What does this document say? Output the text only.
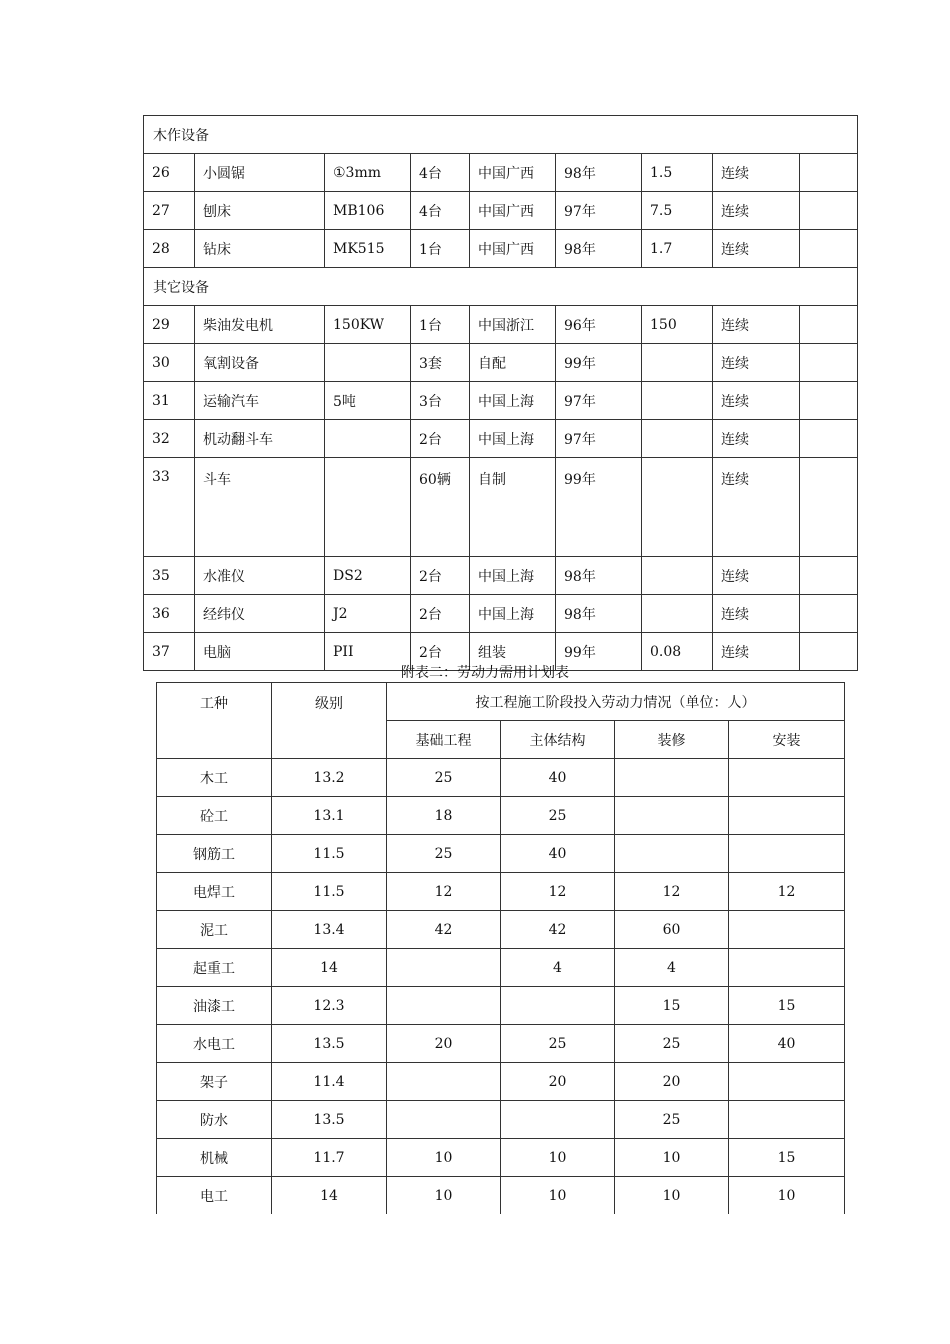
木作设备								
26	小圆锯	①3mm	4台	中国广西	98年	1.5	连续	
27	刨床	MB106	4台	中国广西	97年	7.5	连续	
28	钻床	MK515	1台	中国广西	98年	1.7	连续	
其它设备								
29	柴油发电机	150KW	1台	中国浙江	96年	150	连续	
30	氧割设备		3套	自配	99年		连续	
31	运输汽车	5吨	3台	中国上海	97年		连续	
32	机动翻斗车		2台	中国上海	97年		连续	
33	斗车		60辆	自制	99年		连续	
35	水准仪	DS2	2台	中国上海	98年		连续	
36	经纬仪	J2	2台	中国上海	98年		连续	
37	电脑	PII	2台	组装	99年	0.08	连续	
附表二：劳动力需用计划表
工种	级别	按工程施工阶段投入劳动力情况（单位：人）			
		基础工程	主体结构	装修	安装
木工	13.2	25	40		
砼工	13.1	18	25		
钢筋工	11.5	25	40		
电焊工	11.5	12	12	12	12
泥工	13.4	42	42	60	
起重工	14		4	4	
油漆工	12.3			15	15
水电工	13.5	20	25	25	40
架子	11.4		20	20	
防水	13.5			25	
机械	11.7	10	10	10	15
电工	14	10	10	10	10
